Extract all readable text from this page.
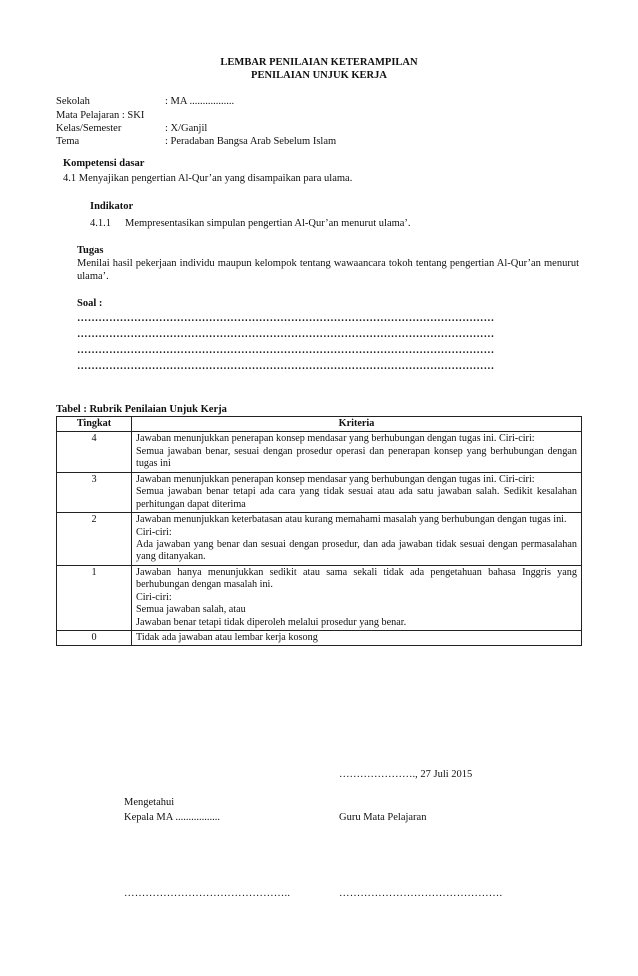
LEMBAR PENILAIAN KETERAMPILAN
PENILAIAN UNJUK KERJA
Sekolah	: MA .................
Mata Pelajaran : SKI
Kelas/Semester	: X/Ganjil
Tema	: Peradaban Bangsa Arab Sebelum Islam
Kompetensi dasar
4.1 Menyajikan pengertian Al-Qur’an yang disampaikan para ulama.
Indikator
4.1.1 Mempresentasikan simpulan pengertian Al-Qur’an menurut ulama’.
Tugas
Menilai hasil pekerjaan individu maupun kelompok tentang wawaancara tokoh tentang pengertian Al-Qur’an menurut ulama’.
Soal :
………………………………………………………………………………………………………
………………………………………………………………………………………………………
………………………………………………………………………………………………………
………………………………………………………………………………………………………
Tabel : Rubrik Penilaian Unjuk Kerja
Tingkat	Kriteria
4	Jawaban menunjukkan penerapan konsep mendasar yang berhubungan dengan tugas ini. Ciri-ciri:
Semua jawaban benar, sesuai dengan prosedur operasi dan penerapan konsep yang berhubungan dengan tugas ini

3	Jawaban menunjukkan penerapan konsep mendasar yang berhubungan dengan tugas ini. Ciri-ciri:
Semua jawaban benar tetapi ada cara yang tidak sesuai atau ada satu jawaban salah. Sedikit kesalahan perhitungan dapat diterima

2	Jawaban menunjukkan keterbatasan atau kurang memahami masalah yang berhubungan dengan tugas ini.
Ciri-ciri:
Ada jawaban yang benar dan sesuai dengan prosedur, dan ada jawaban tidak sesuai dengan permasalahan yang ditanyakan.

1	Jawaban hanya menunjukkan sedikit atau sama sekali tidak ada pengetahuan bahasa Inggris yang berhubungan dengan masalah ini.
Ciri-ciri:
Semua jawaban salah, atau
Jawaban benar tetapi tidak diperoleh melalui prosedur yang benar.

0	Tidak ada jawaban atau lembar kerja kosong
…………………., 27 Juli 2015
Mengetahui
Kepala MA .................	Guru Mata Pelajaran
………………………………………..	……………………………………….
